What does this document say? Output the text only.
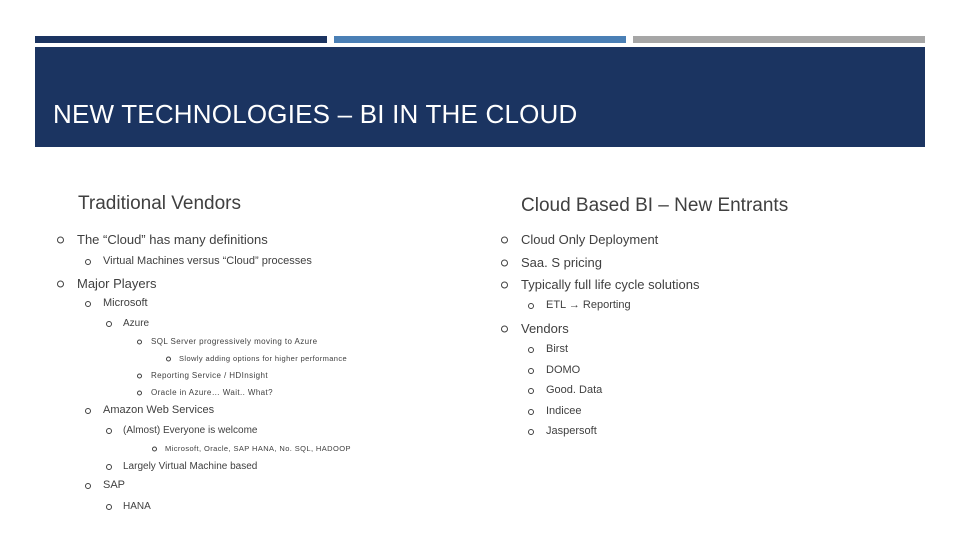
NEW TECHNOLOGIES – BI IN THE CLOUD
Traditional Vendors
The “Cloud” has many definitions
Virtual Machines versus “Cloud” processes
Major Players
Microsoft
Azure
SQL Server progressively moving to Azure
Slowly adding options for higher performance
Reporting Service / HDInsight
Oracle in Azure… Wait.. What?
Amazon Web Services
(Almost) Everyone is welcome
Microsoft, Oracle, SAP HANA, No. SQL, HADOOP
Largely Virtual Machine based
SAP
HANA
Cloud Based BI – New Entrants
Cloud Only Deployment
Saa. S pricing
Typically full life cycle solutions
ETL → Reporting
Vendors
Birst
DOMO
Good. Data
Indicee
Jaspersoft
